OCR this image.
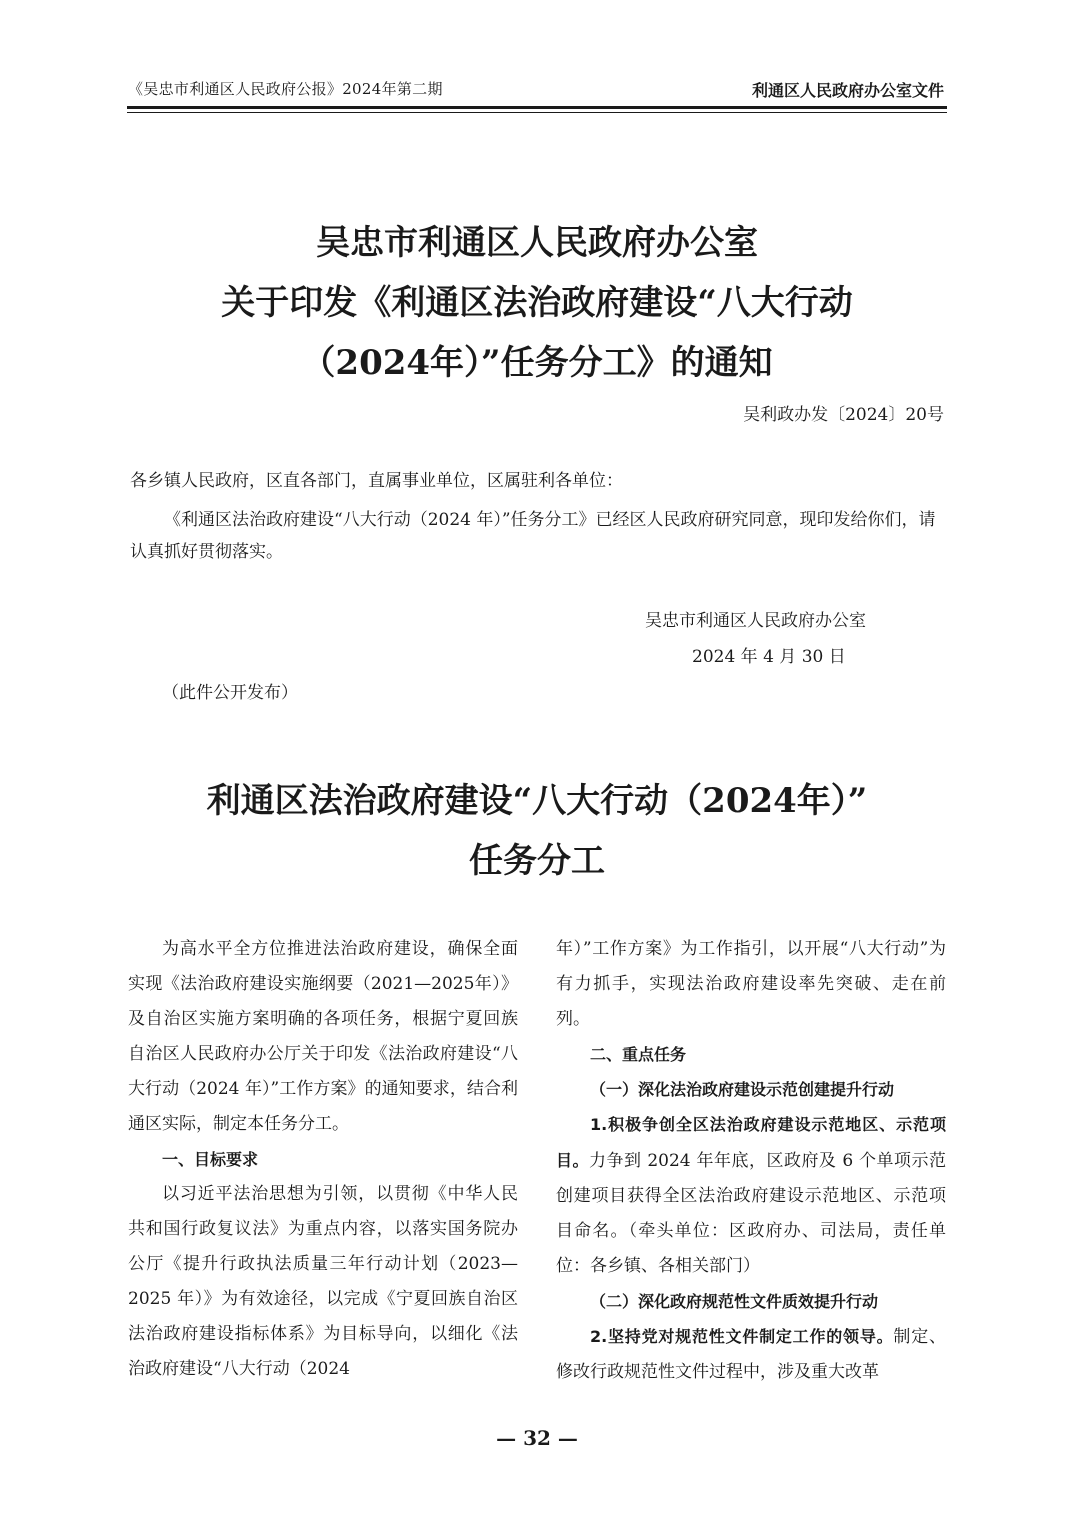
《吴忠市利通区人民政府公报》2024年第二期	利通区人民政府办公室文件
吴忠市利通区人民政府办公室
关于印发《利通区法治政府建设“八大行动
（2024年）”任务分工》的通知
吴利政办发〔2024〕20号
各乡镇人民政府，区直各部门，直属事业单位，区属驻利各单位：
《利通区法治政府建设“八大行动（2024 年）”任务分工》已经区人民政府研究同意，现印发给你们，请认真抓好贯彻落实。
吴忠市利通区人民政府办公室
2024 年 4 月 30 日
（此件公开发布）
利通区法治政府建设“八大行动（2024年）”
任务分工

为高水平全方位推进法治政府建设，确保全面实现《法治政府建设实施纲要（2021—2025年）》及自治区实施方案明确的各项任务，根据宁夏回族自治区人民政府办公厅关于印发《法治政府建设“八大行动（2024 年）”工作方案》的通知要求，结合利通区实际，制定本任务分工。

一、目标要求

以习近平法治思想为引领，以贯彻《中华人民共和国行政复议法》为重点内容，以落实国务院办公厅《提升行政执法质量三年行动计划（2023—2025 年）》为有效途径，以完成《宁夏回族自治区法治政府建设指标体系》为目标导向，以细化《法治政府建设“八大行动（2024

年）”工作方案》为工作指引，以开展“八大行动”为有力抓手，实现法治政府建设率先突破、走在前列。

二、重点任务

（一）深化法治政府建设示范创建提升行动

1.积极争创全区法治政府建设示范地区、示范项目。力争到 2024 年年底，区政府及 6 个单项示范创建项目获得全区法治政府建设示范地区、示范项目命名。（牵头单位：区政府办、司法局，责任单位：各乡镇、各相关部门）

（二）深化政府规范性文件质效提升行动

2.坚持党对规范性文件制定工作的领导。制定、修改行政规范性文件过程中，涉及重大改革

— 32 —
